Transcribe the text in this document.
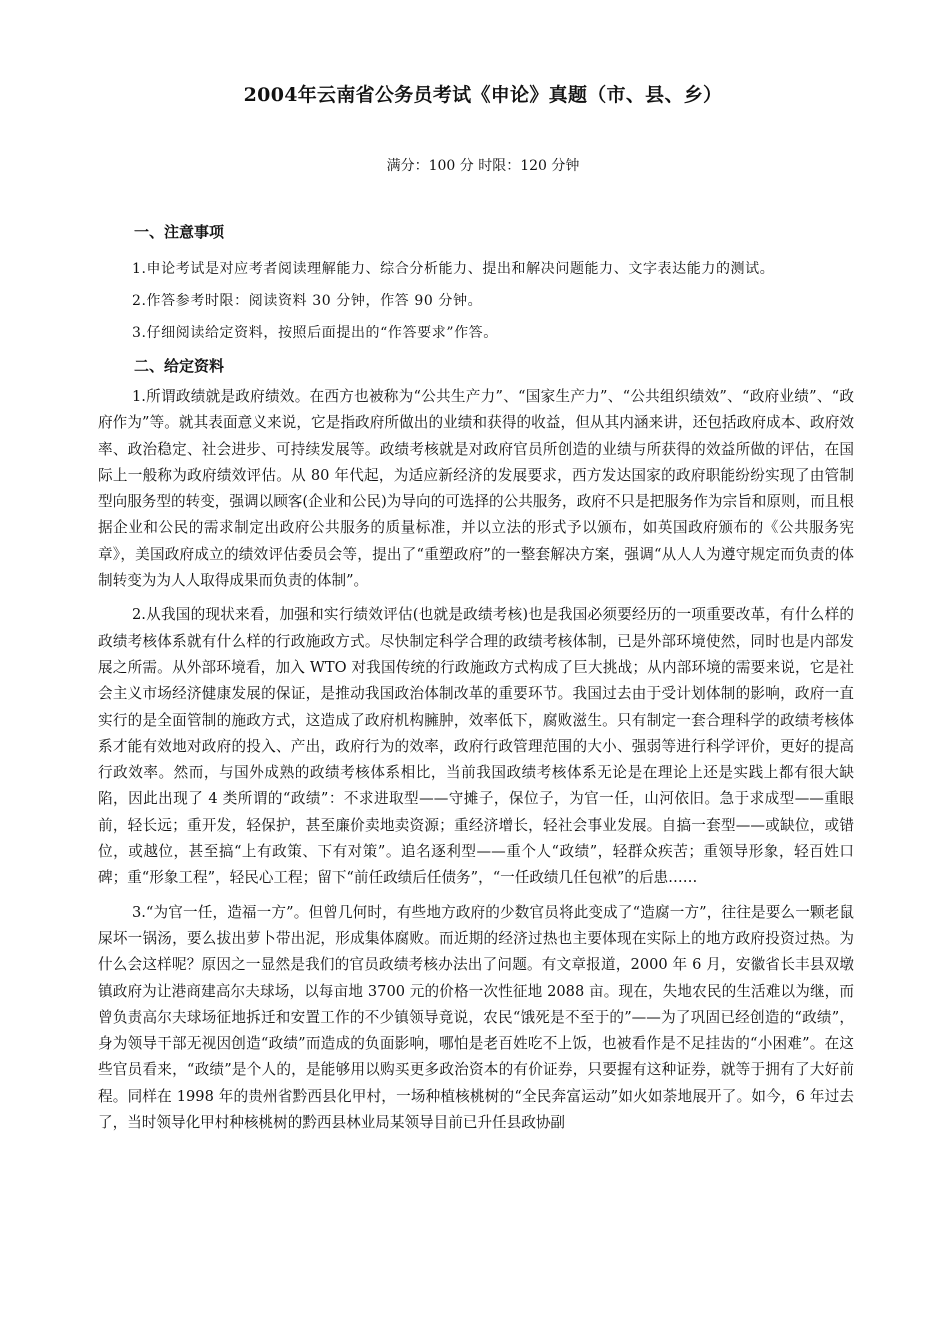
2004年云南省公务员考试《申论》真题（市、县、乡）
满分：100 分 时限：120 分钟
一、注意事项

1.申论考试是对应考者阅读理解能力、综合分析能力、提出和解决问题能力、文字表达能力的测试。

2.作答参考时限：阅读资料 30 分钟，作答 90 分钟。

3.仔细阅读给定资料，按照后面提出的“作答要求”作答。

二、给定资料

1.所谓政绩就是政府绩效。在西方也被称为“公共生产力”、“国家生产力”、“公共组织绩效”、“政府业绩”、“政府作为”等。就其表面意义来说，它是指政府所做出的业绩和获得的收益，但从其内涵来讲，还包括政府成本、政府效率、政治稳定、社会进步、可持续发展等。政绩考核就是对政府官员所创造的业绩与所获得的效益所做的评估，在国际上一般称为政府绩效评估。从 80 年代起，为适应新经济的发展要求，西方发达国家的政府职能纷纷实现了由管制型向服务型的转变，强调以顾客(企业和公民)为导向的可选择的公共服务，政府不只是把服务作为宗旨和原则，而且根据企业和公民的需求制定出政府公共服务的质量标准，并以立法的形式予以颁布，如英国政府颁布的《公共服务宪章》，美国政府成立的绩效评估委员会等，提出了“重塑政府”的一整套解决方案，强调“从人人为遵守规定而负责的体制转变为为人人取得成果而负责的体制”。

2.从我国的现状来看，加强和实行绩效评估(也就是政绩考核)也是我国必须要经历的一项重要改革，有什么样的政绩考核体系就有什么样的行政施政方式。尽快制定科学合理的政绩考核体制，已是外部环境使然，同时也是内部发展之所需。从外部环境看，加入 WTO 对我国传统的行政施政方式构成了巨大挑战；从内部环境的需要来说，它是社会主义市场经济健康发展的保证，是推动我国政治体制改革的重要环节。我国过去由于受计划体制的影响，政府一直实行的是全面管制的施政方式，这造成了政府机构臃肿，效率低下，腐败滋生。只有制定一套合理科学的政绩考核体系才能有效地对政府的投入、产出，政府行为的效率，政府行政管理范围的大小、强弱等进行科学评价，更好的提高行政效率。然而，与国外成熟的政绩考核体系相比，当前我国政绩考核体系无论是在理论上还是实践上都有很大缺陷，因此出现了 4 类所谓的“政绩”：不求进取型——守摊子，保位子，为官一任，山河依旧。急于求成型——重眼前，轻长远；重开发，轻保护，甚至廉价卖地卖资源；重经济增长，轻社会事业发展。自搞一套型——或缺位，或错位，或越位，甚至搞“上有政策、下有对策”。追名逐利型——重个人“政绩”，轻群众疾苦；重领导形象，轻百姓口碑；重“形象工程”，轻民心工程；留下“前任政绩后任债务”，“一任政绩几任包袱”的后患……

3.“为官一任，造福一方”。但曾几何时，有些地方政府的少数官员将此变成了“造腐一方”，往往是要么一颗老鼠屎坏一锅汤，要么拔出萝卜带出泥，形成集体腐败。而近期的经济过热也主要体现在实际上的地方政府投资过热。为什么会这样呢？原因之一显然是我们的官员政绩考核办法出了问题。有文章报道，2000 年 6 月，安徽省长丰县双墩镇政府为让港商建高尔夫球场，以每亩地 3700 元的价格一次性征地 2088 亩。现在，失地农民的生活难以为继，而曾负责高尔夫球场征地拆迁和安置工作的不少镇领导竟说，农民“饿死是不至于的”——为了巩固已经创造的“政绩”，身为领导干部无视因创造“政绩”而造成的负面影响，哪怕是老百姓吃不上饭，也被看作是不足挂齿的“小困难”。在这些官员看来，“政绩”是个人的，是能够用以购买更多政治资本的有价证券，只要握有这种证券，就等于拥有了大好前程。同样在 1998 年的贵州省黔西县化甲村，一场种植核桃树的“全民奔富运动”如火如荼地展开了。如今，6 年过去了，当时领导化甲村种核桃树的黔西县林业局某领导目前已升任县政协副
